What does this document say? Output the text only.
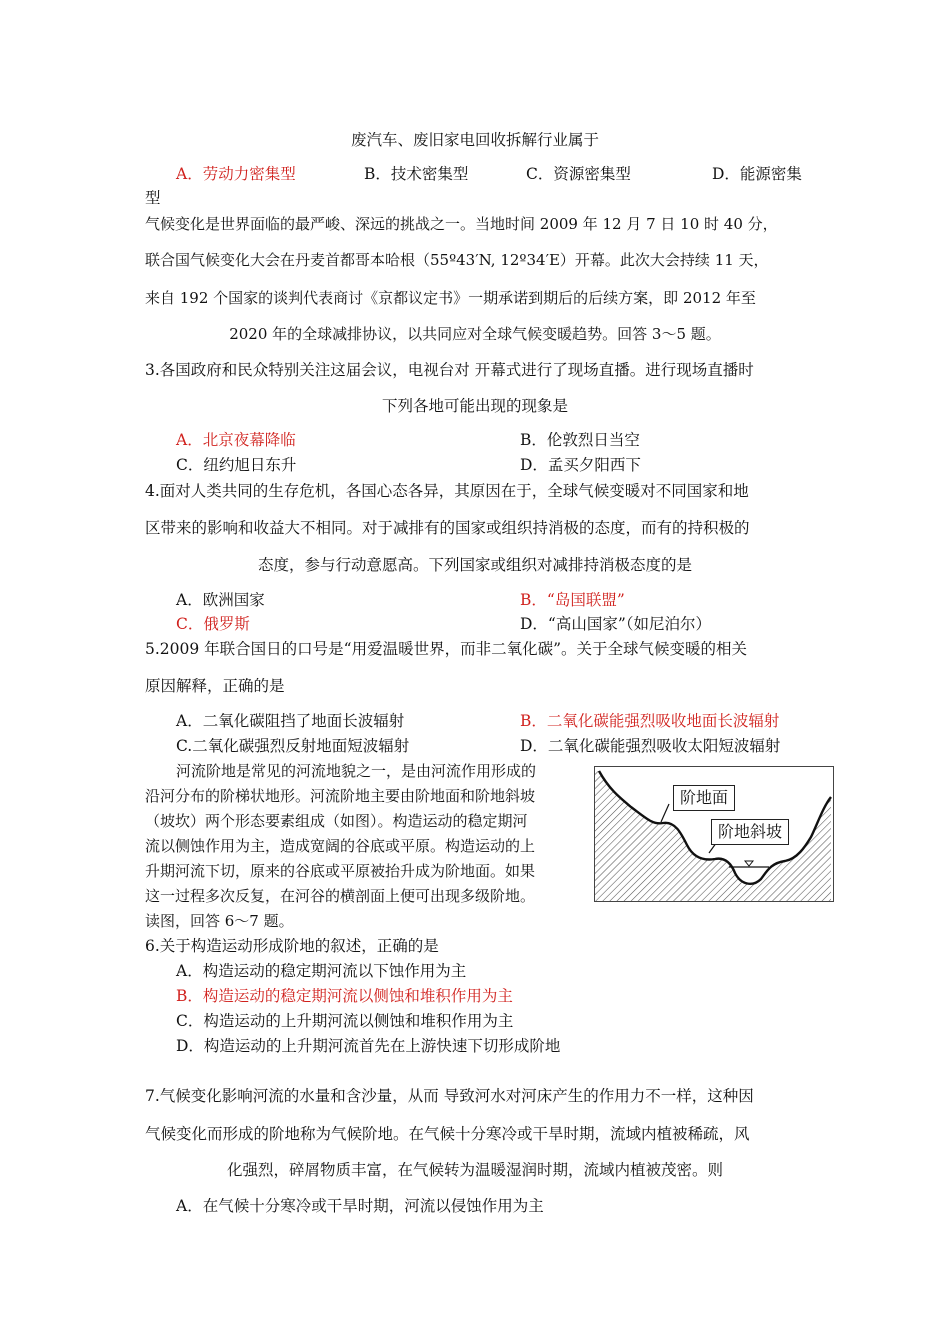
废汽车、废旧家电回收拆解行业属于
A．劳动力密集型	B．技术密集型	C．资源密集型	D．能源密集
型
气候变化是世界面临的最严峻、深远的挑战之一。当地时间 2009 年 12 月 7 日 10 时 40 分，
联合国气候变化大会在丹麦首都哥本哈根（55º43′N, 12º34′E）开幕。此次大会持续 11 天，
来自 192 个国家的谈判代表商讨《京都议定书》一期承诺到期后的后续方案，即 2012 年至
2020 年的全球减排协议，以共同应对全球气候变暖趋势。回答 3～5 题。
3.各国政府和民众特别关注这届会议，电视台对 开幕式进行了现场直播。进行现场直播时
下列各地可能出现的现象是
A．北京夜幕降临	B．伦敦烈日当空
C．纽约旭日东升	D．孟买夕阳西下
4.面对人类共同的生存危机，各国心态各异，其原因在于，全球气候变暖对不同国家和地
区带来的影响和收益大不相同。对于减排有的国家或组织持消极的态度，而有的持积极的
态度，参与行动意愿高。下列国家或组织对减排持消极态度的是
A．欧洲国家	B．“岛国联盟”
C．俄罗斯	D．“高山国家”（如尼泊尔）
5.2009 年联合国日的口号是“用爱温暖世界，而非二氧化碳”。关于全球气候变暖的相关
原因解释，正确的是
A．二氧化碳阻挡了地面长波辐射	B．二氧化碳能强烈吸收地面长波辐射
C.二氧化碳强烈反射地面短波辐射	D．二氧化碳能强烈吸收太阳短波辐射
河流阶地是常见的河流地貌之一，是由河流作用形成的
沿河分布的阶梯状地形。河流阶地主要由阶地面和阶地斜坡
（坡坎）两个形态要素组成（如图）。构造运动的稳定期河
流以侧蚀作用为主，造成宽阔的谷底或平原。构造运动的上
升期河流下切，原来的谷底或平原被抬升成为阶地面。如果
这一过程多次反复，在河谷的横剖面上便可出现多级阶地。
读图，回答 6～7 题。
阶地面
阶地斜坡
6.关于构造运动形成阶地的叙述，正确的是
A．构造运动的稳定期河流以下蚀作用为主
B．构造运动的稳定期河流以侧蚀和堆积作用为主
C．构造运动的上升期河流以侧蚀和堆积作用为主
D．构造运动的上升期河流首先在上游快速下切形成阶地
7.气候变化影响河流的水量和含沙量，从而 导致河水对河床产生的作用力不一样，这种因
气候变化而形成的阶地称为气候阶地。在气候十分寒冷或干旱时期，流域内植被稀疏，风
化强烈，碎屑物质丰富，在气候转为温暖湿润时期，流域内植被茂密。则
A．在气候十分寒冷或干旱时期，河流以侵蚀作用为主
